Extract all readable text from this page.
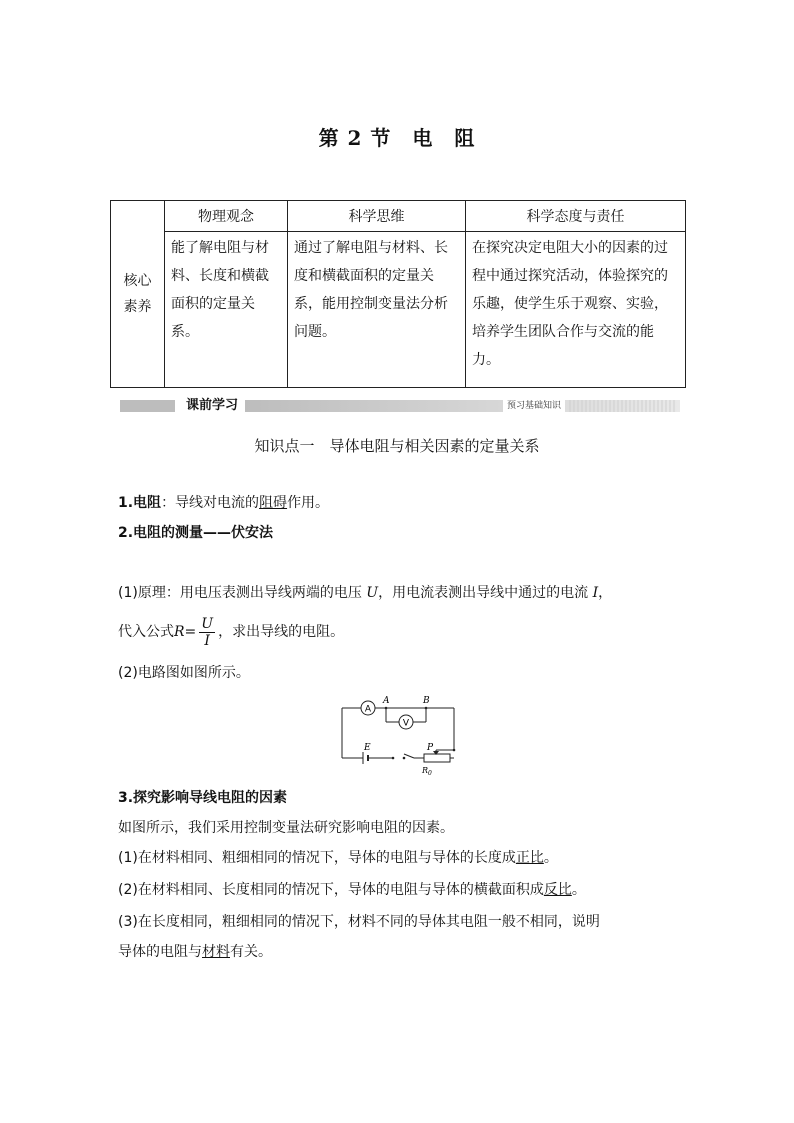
第 2 节　电　阻
核心
素养	物理观念	科学思维	科学态度与责任
	能了解电阻与材料、长度和横截面积的定量关系。	通过了解电阻与材料、长度和横截面积的定量关系，能用控制变量法分析问题。	在探究决定电阻大小的因素的过程中通过探究活动，体验探究的乐趣，使学生乐于观察、实验，培养学生团队合作与交流的能力。
课前学习	预习基础知识
知识点一　导体电阻与相关因素的定量关系
1.电阻：导线对电流的阻碍作用。
2.电阻的测量——伏安法
(1)原理：用电压表测出导线两端的电压 U，用电流表测出导线中通过的电流 I，
代入公式$R= \frac{U}{I}$ ，求出导线的电阻。
(2)电路图如图所示。
A
V
A	B
E	P
$R_0$
3.探究影响导线电阻的因素
如图所示，我们采用控制变量法研究影响电阻的因素。
(1)在材料相同、粗细相同的情况下，导体的电阻与导体的长度成正比。
(2)在材料相同、长度相同的情况下，导体的电阻与导体的横截面积成反比。
(3)在长度相同，粗细相同的情况下，材料不同的导体其电阻一般不相同，说明
导体的电阻与材料有关。
